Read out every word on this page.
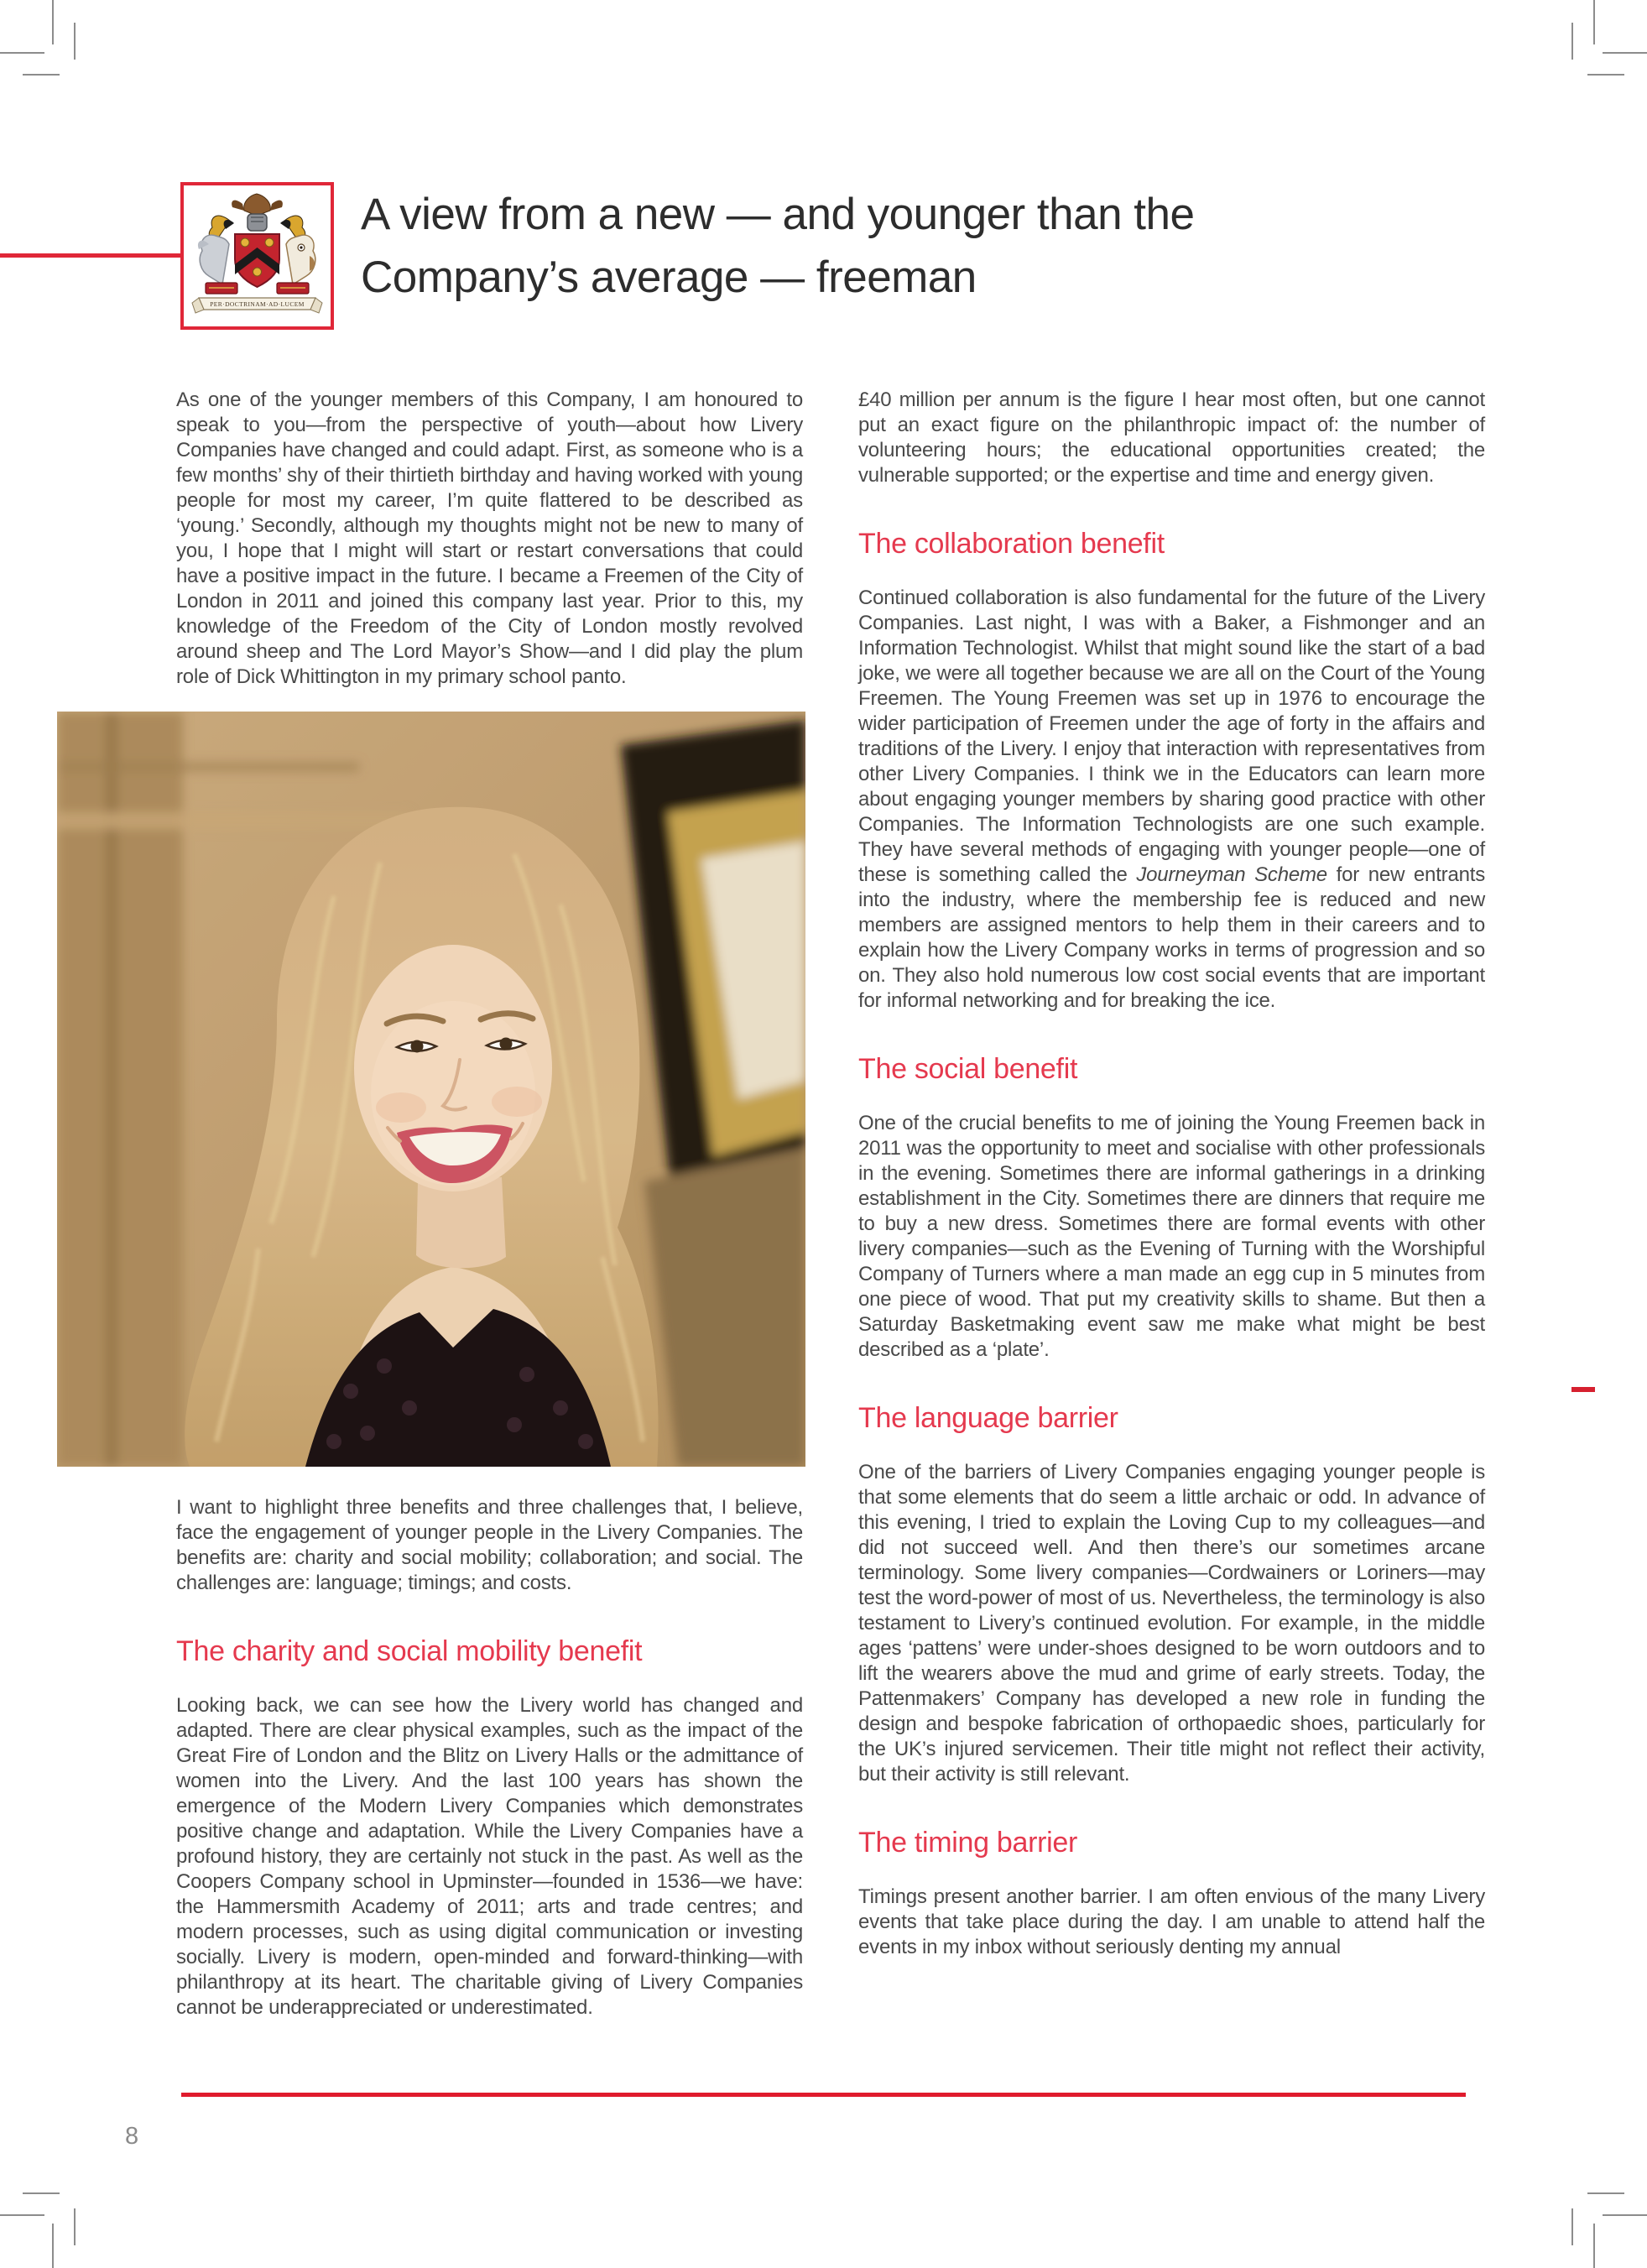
PER·DOCTRINAM·AD·LUCEM
A view from a new — and younger than the
Company’s average — freeman

As one of the younger members of this Company, I am honoured to speak to you—from the perspective of youth—about how Livery Companies have changed and could adapt. First, as someone who is a few months’ shy of their thirtieth birthday and having worked with young people for most my career, I’m quite flattered to be described as ‘young.’ Secondly, although my thoughts might not be new to many of you, I hope that I might will start or restart conversations that could have a positive impact in the future. I became a Freemen of the City of London in 2011 and joined this company last year. Prior to this, my knowledge of the Freedom of the City of London mostly revolved around sheep and The Lord Mayor’s Show—and I did play the plum role of Dick Whittington in my primary school panto.

I want to highlight three benefits and three challenges that, I believe, face the engagement of younger people in the Livery Companies. The benefits are: charity and social mobility; collaboration; and social. The challenges are: language; timings; and costs.

The charity and social mobility benefit

Looking back, we can see how the Livery world has changed and adapted. There are clear physical examples, such as the impact of the Great Fire of London and the Blitz on Livery Halls or the admittance of women into the Livery. And the last 100 years has shown the emergence of the Modern Livery Companies which demonstrates positive change and adaptation. While the Livery Companies have a profound history, they are certainly not stuck in the past. As well as the Coopers Company school in Upminster—founded in 1536—we have: the Hammersmith Academy of 2011; arts and trade centres; and modern processes, such as using digital communication or investing socially. Livery is modern, open-minded and forward-thinking—with philanthropy at its heart. The charitable giving of Livery Companies cannot be underappreciated or underestimated.

£40 million per annum is the figure I hear most often, but one cannot put an exact figure on the philanthropic impact of: the number of volunteering hours; the educational opportunities created; the vulnerable supported; or the expertise and time and energy given.

The collaboration benefit

Continued collaboration is also fundamental for the future of the Livery Companies. Last night, I was with a Baker, a Fishmonger and an Information Technologist. Whilst that might sound like the start of a bad joke, we were all together because we are all on the Court of the Young Freemen. The Young Freemen was set up in 1976 to encourage the wider participation of Freemen under the age of forty in the affairs and traditions of the Livery. I enjoy that interaction with representatives from other Livery Companies. I think we in the Educators can learn more about engaging younger members by sharing good practice with other Companies. The Information Technologists are one such example. They have several methods of engaging with younger people—one of these is something called the Journeyman Scheme for new entrants into the industry, where the membership fee is reduced and new members are assigned mentors to help them in their careers and to explain how the Livery Company works in terms of progression and so on. They also hold numerous low cost social events that are important for informal networking and for breaking the ice.

The social benefit

One of the crucial benefits to me of joining the Young Freemen back in 2011 was the opportunity to meet and socialise with other professionals in the evening. Sometimes there are informal gatherings in a drinking establishment in the City. Sometimes there are dinners that require me to buy a new dress. Sometimes there are formal events with other livery companies—such as the Evening of Turning with the Worshipful Company of Turners where a man made an egg cup in 5 minutes from one piece of wood. That put my creativity skills to shame. But then a Saturday Basketmaking event saw me make what might be best described as a ‘plate’.

The language barrier

One of the barriers of Livery Companies engaging younger people is that some elements that do seem a little archaic or odd. In advance of this evening, I tried to explain the Loving Cup to my colleagues—and did not succeed well. And then there’s our sometimes arcane terminology. Some livery companies—Cordwainers or Loriners—may test the word-power of most of us. Nevertheless, the terminology is also testament to Livery’s continued evolution. For example, in the middle ages ‘pattens’ were under-shoes designed to be worn outdoors and to lift the wearers above the mud and grime of early streets. Today, the Pattenmakers’ Company has developed a new role in funding the design and bespoke fabrication of orthopaedic shoes, particularly for the UK’s injured servicemen. Their title might not reflect their activity, but their activity is still relevant.

The timing barrier

Timings present another barrier. I am often envious of the many Livery events that take place during the day. I am unable to attend half the events in my inbox without seriously denting my annual

8
